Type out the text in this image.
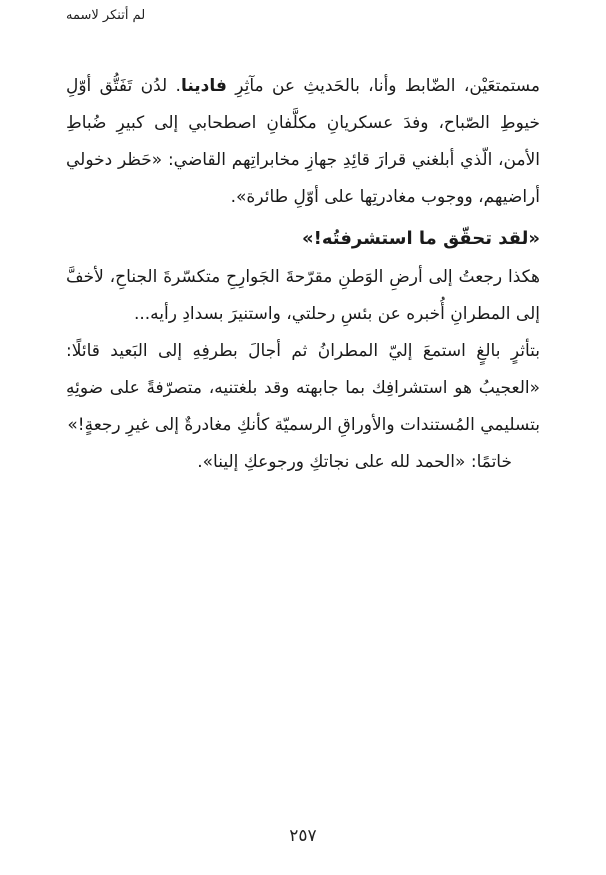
لم أتنكر لاسمه

مستمتعَيْن، الضّابط وأنا، بالحَديثِ عن مآثِرِ فادينا. لدُن تَفَتُّق أوّلِ خيوطِ الصّباح، وفدَ عسكريانِ مكلَّفانِ اصطحابي إلى كبيرِ ضُباطِ الأمن، الّذي أبلغني قرارَ قائِدِ جهازِ مخابراتِهم القاضي: «حَظر دخولي أراضيهم، ووجوب مغادرتِها على أوّلِ طائرة».

«لقد تحقّق ما استشرفتُه!»

هكذا رجعتُ إلى أرضِ الوَطنِ مقرّحةَ الجَوارِحِ متكسّرةَ الجناحِ، لأخفَّ إلى المطرانِ أُخبره عن بئسِ رحلتي، واستنيرَ بسدادِ رأيه...

بتأثرٍ بالغٍ استمعَ إليّ المطرانُ ثم أجالَ بطرفِهِ إلى البَعيد قائلًا: «العجيبُ هو استشرافِك بما جابهته وقد بلغتنيه، متصرّفةً على ضوئِهِ بتسليمي المُستندات والأوراقِ الرسميّة كأنكِ مغادرةٌ إلى غيرِ رجعةٍ!»

خاتمًا: «الحمد لله على نجاتكِ ورجوعكِ إلينا».

٢٥٧
